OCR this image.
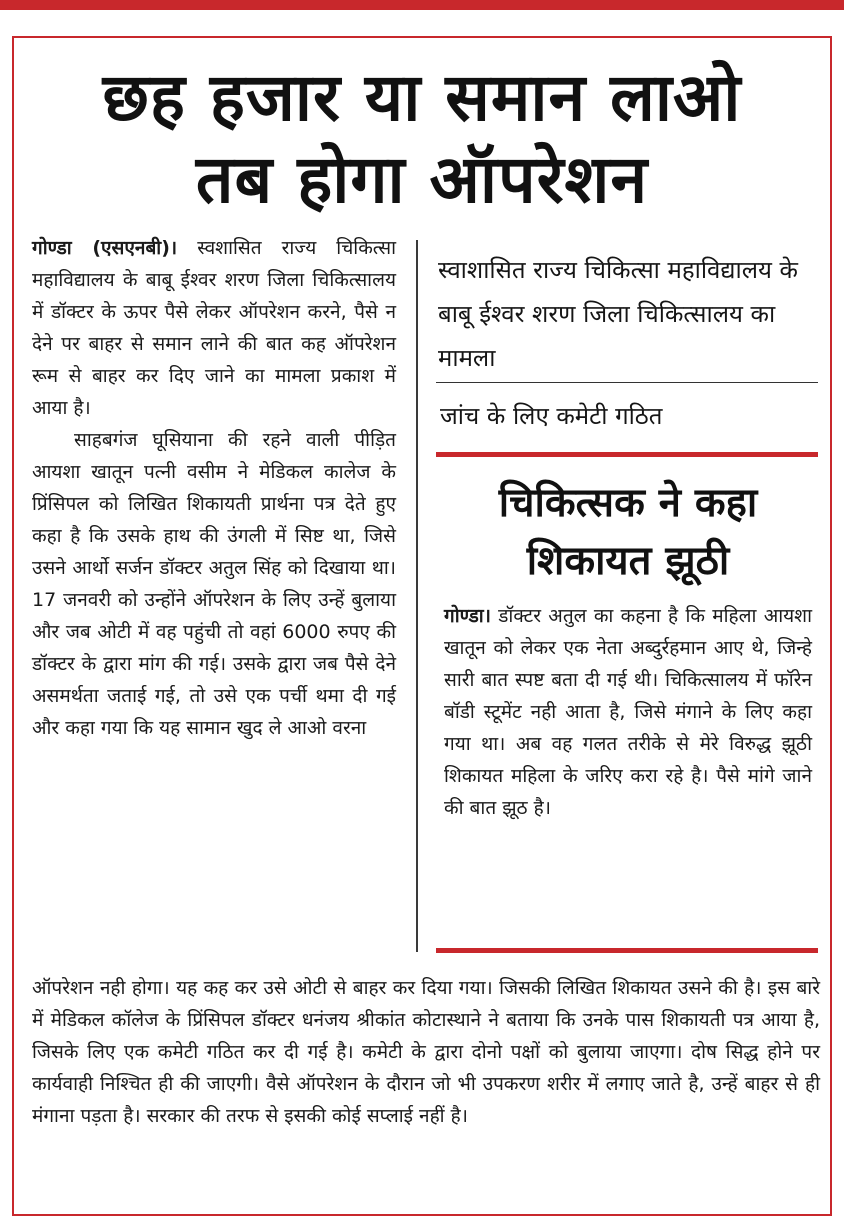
छह हजार या समान लाओ
तब होगा ऑपरेशन

गोण्डा (एसएनबी)। स्वशासित राज्य चिकित्सा महाविद्यालय के बाबू ईश्वर शरण जिला चिकित्सालय में डॉक्टर के ऊपर पैसे लेकर ऑपरेशन करने, पैसे न देने पर बाहर से समान लाने की बात कह ऑपरेशन रूम से बाहर कर दिए जाने का मामला प्रकाश में आया है।

साहबगंज घूसियाना की रहने वाली पीड़ित आयशा खातून पत्नी वसीम ने मेडिकल कालेज के प्रिंसिपल को लिखित शिकायती प्रार्थना पत्र देते हुए कहा है कि उसके हाथ की उंगली में सिष्ट था, जिसे उसने आर्थो सर्जन डॉक्टर अतुल सिंह को दिखाया था। 17 जनवरी को उन्होंने ऑपरेशन के लिए उन्हें बुलाया और जब ओटी में वह पहुंची तो वहां 6000 रुपए की डॉक्टर के द्वारा मांग की गई। उसके द्वारा जब पैसे देने असमर्थता जताई गई, तो उसे एक पर्ची थमा दी गई और कहा गया कि यह सामान खुद ले आओ वरना

स्वाशासित राज्य चिकित्सा महाविद्यालय के बाबू ईश्वर शरण जिला चिकित्सालय का मामला

जांच के लिए कमेटी गठित

चिकित्सक ने कहा शिकायत झूठी

गोण्डा। डॉक्टर अतुल का कहना है कि महिला आयशा खातून को लेकर एक नेता अब्दुर्रहमान आए थे, जिन्हे सारी बात स्पष्ट बता दी गई थी। चिकित्सालय में फॉरेन बॉडी स्टूमेंट नही आता है, जिसे मंगाने के लिए कहा गया था। अब वह गलत तरीके से मेरे विरुद्ध झूठी शिकायत महिला के जरिए करा रहे है। पैसे मांगे जाने की बात झूठ है।

ऑपरेशन नही होगा। यह कह कर उसे ओटी से बाहर कर दिया गया। जिसकी लिखित शिकायत उसने की है। इस बारे में मेडिकल कॉलेज के प्रिंसिपल डॉक्टर धनंजय श्रीकांत कोटास्थाने ने बताया कि उनके पास शिकायती पत्र आया है, जिसके लिए एक कमेटी गठित कर दी गई है। कमेटी के द्वारा दोनो पक्षों को बुलाया जाएगा। दोष सिद्ध होने पर कार्यवाही निश्चित ही की जाएगी। वैसे ऑपरेशन के दौरान जो भी उपकरण शरीर में लगाए जाते है, उन्हें बाहर से ही मंगाना पड़ता है। सरकार की तरफ से इसकी कोई सप्लाई नहीं है।
